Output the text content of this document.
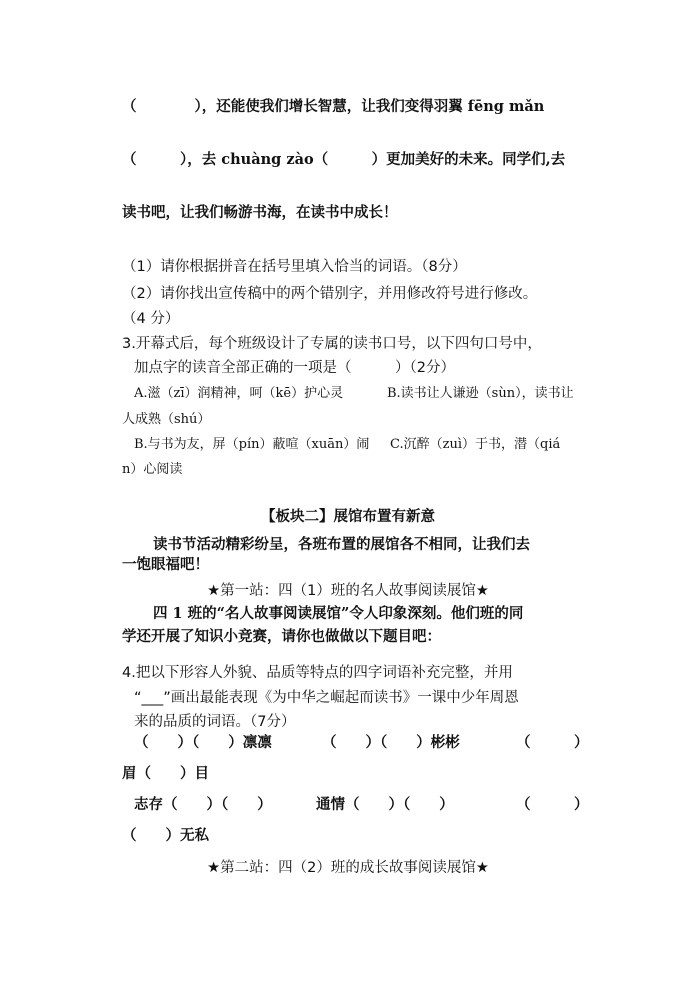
（　　　　），还能使我们增长智慧，让我们变得羽翼 fēng mǎn
（　　　），去 chuàng zào（　　　）更加美好的未来。同学们,去
读书吧，让我们畅游书海，在读书中成长！
（1）请你根据拼音在括号里填入恰当的词语。（8分）
（2）请你找出宣传稿中的两个错别字，并用修改符号进行修改。
（4 分）
3.开幕式后，每个班级设计了专属的读书口号，以下四句口号中，
加点字的读音全部正确的一项是（　　　）（2分）
A.滋（zī）润精神，呵（kē）护心灵	B.读书让人谦逊（sùn），读书让
人成熟（shú）
B.与书为友，屏（pín）蔽喧（xuān）闹 C.沉醉（zuì）于书，潜（qiá
n）心阅读
【板块二】展馆布置有新意
读书节活动精彩纷呈，各班布置的展馆各不相同，让我们去
一饱眼福吧！
★第一站：四（1）班的名人故事阅读展馆★
四 1 班的“名人故事阅读展馆”令人印象深刻。他们班的同
学还开展了知识小竞赛，请你也做做以下题目吧：
4.把以下形容人外貌、品质等特点的四字词语补充完整，并用
“___”画出最能表现《为中华之崛起而读书》一课中少年周恩
来的品质的词语。（7分）
（　　）（　　）凛凛	（　　）（　　）彬彬	（　　　）
眉（　　）目
志存（　　）（　　）	通情（　　）（　　）	（　　　）
（　　）无私
★第二站：四（2）班的成长故事阅读展馆★
